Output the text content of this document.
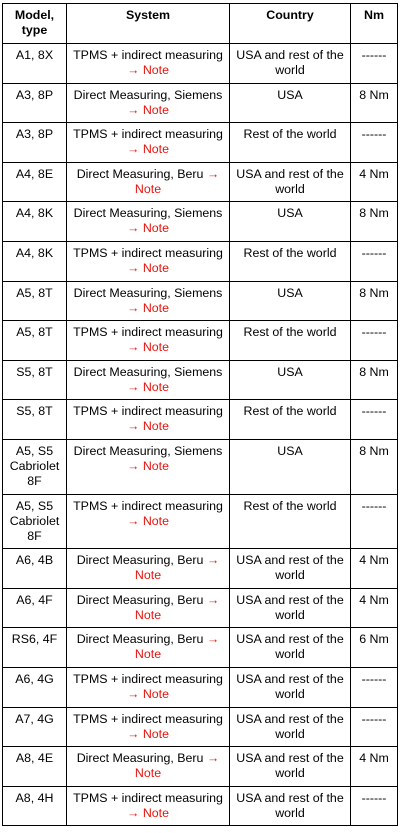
Model, type	System	Country	Nm
A1, 8X	TPMS + indirect measuring → Note	USA and rest of the world	------
A3, 8P	Direct Measuring, Siemens → Note	USA	8 Nm
A3, 8P	TPMS + indirect measuring → Note	Rest of the world	------
A4, 8E	Direct Measuring, Beru → Note	USA and rest of the world	4 Nm
A4, 8K	Direct Measuring, Siemens → Note	USA	8 Nm
A4, 8K	TPMS + indirect measuring → Note	Rest of the world	------
A5, 8T	Direct Measuring, Siemens → Note	USA	8 Nm
A5, 8T	TPMS + indirect measuring → Note	Rest of the world	------
S5, 8T	Direct Measuring, Siemens → Note	USA	8 Nm
S5, 8T	TPMS + indirect measuring → Note	Rest of the world	------
A5, S5 Cabriolet 8F	Direct Measuring, Siemens → Note	USA	8 Nm
A5, S5 Cabriolet 8F	TPMS + indirect measuring → Note	Rest of the world	------
A6, 4B	Direct Measuring, Beru → Note	USA and rest of the world	4 Nm
A6, 4F	Direct Measuring, Beru → Note	USA and rest of the world	4 Nm
RS6, 4F	Direct Measuring, Beru → Note	USA and rest of the world	6 Nm
A6, 4G	TPMS + indirect measuring → Note	USA and rest of the world	------
A7, 4G	TPMS + indirect measuring → Note	USA and rest of the world	------
A8, 4E	Direct Measuring, Beru → Note	USA and rest of the world	4 Nm
A8, 4H	TPMS + indirect measuring → Note	USA and rest of the world	------
